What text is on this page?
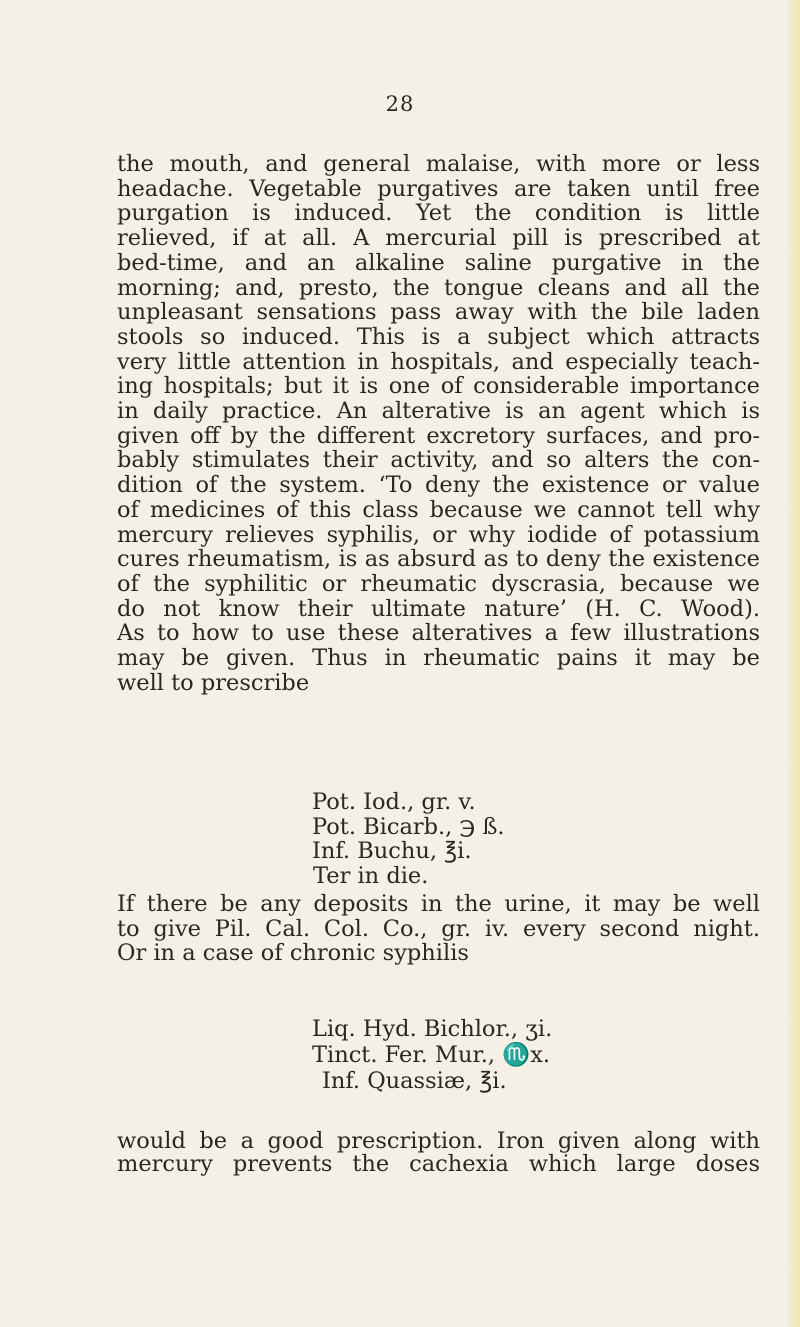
28
the mouth, and general malaise, with more or less
headache. Vegetable purgatives are taken until free
purgation is induced. Yet the condition is little
relieved, if at all. A mercurial pill is prescribed at
bed-time, and an alkaline saline purgative in the
morning; and, presto, the tongue cleans and all the
unpleasant sensations pass away with the bile laden
stools so induced. This is a subject which attracts
very little attention in hospitals, and especially teach-
ing hospitals; but it is one of considerable importance
in daily practice. An alterative is an agent which is
given off by the different excretory surfaces, and pro-
bably stimulates their activity, and so alters the con-
dition of the system. ‘To deny the existence or value
of medicines of this class because we cannot tell why
mercury relieves syphilis, or why iodide of potassium
cures rheumatism, is as absurd as to deny the existence
of the syphilitic or rheumatic dyscrasia, because we
do not know their ultimate nature’ (H. C. Wood).
As to how to use these alteratives a few illustrations
may be given. Thus in rheumatic pains it may be
well to prescribe
Pot. Iod., gr. v.
Pot. Bicarb., ℈ ß.
Inf. Buchu, ℥i.
Ter in die.
If there be any deposits in the urine, it may be well
to give Pil. Cal. Col. Co., gr. iv. every second night.
Or in a case of chronic syphilis
Liq. Hyd. Bichlor., ʒi.
Tinct. Fer. Mur., ♏x.
Inf. Quassiæ, ℥i.
would be a good prescription. Iron given along with
mercury prevents the cachexia which large doses
